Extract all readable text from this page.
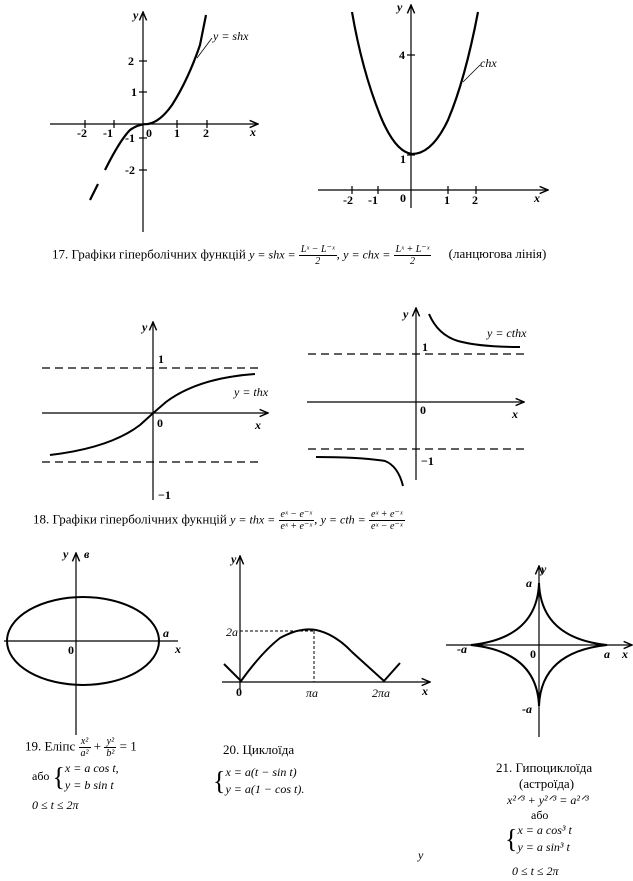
y
x
y = shx
-2 -1	0 1 2
2
1
-1
-2
y
x
chx
-2 -1 0	1 2
4
1
y
x
1
0
−1
y = thx
y
x
1
0
−1
y = cthx
y в
a
x
0
y
x
2a
0	πa	2πa
y
x
a
a
-a
-a
0
17. Графіки гіперболічних функцій y = shx = $\frac{\text{Lˣ − L⁻ˣ}}{2}$ , y = chx = $\frac{\text{Lˣ + L⁻ˣ}}{2}$ (ланцюгова лінія)
18. Графіки гіперболічних фукнцій y = thx = $\frac{\text{eˣ − e⁻ˣ}}{\text{eˣ + e⁻ˣ}}$ , y = cth = $\frac{\text{eˣ + e⁻ˣ}}{\text{eˣ − e⁻ˣ}}$
19. Еліпс $\frac{\text{x²}}{\text{a²}} + \frac{\text{y²}}{\text{b²}} = 1$
або {x = a cos t,
y = b sin t
0 ≤ t ≤ 2π
20. Циклоїда
{x = a(t − sin t)
y = a(1 − cos t).
y
21. Гипоциклоїда
(астроїда)
x²ᐟ³ + y²ᐟ³ = a²ᐟ³
або
{x = a cos³ t
y = a sin³ t
0 ≤ t ≤ 2π
